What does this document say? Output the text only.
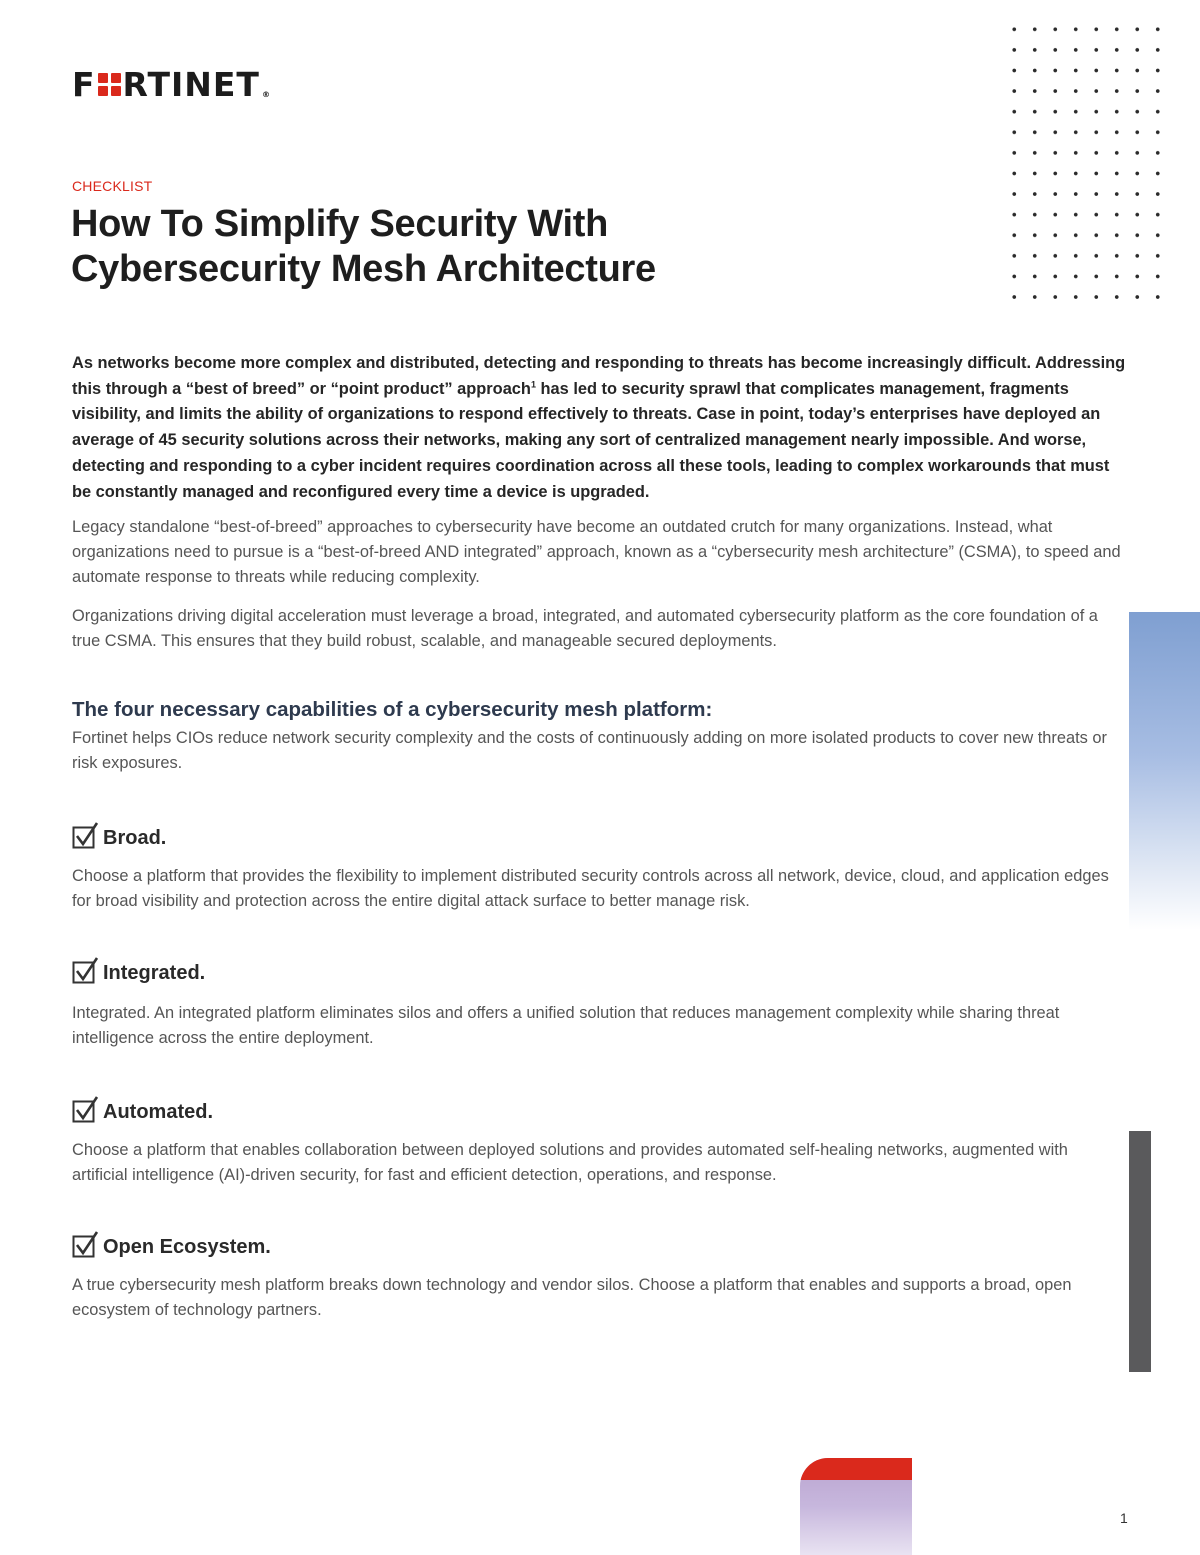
F RTINET ®
CHECKLIST
How To Simplify Security With Cybersecurity Mesh Architecture

As networks become more complex and distributed, detecting and responding to threats has become increasingly difficult. Addressing this through a “best of breed” or “point product” approach$^1$ has led to security sprawl that complicates management, fragments visibility, and limits the ability of organizations to respond effectively to threats. Case in point, today’s enterprises have deployed an average of 45 security solutions across their networks, making any sort of centralized management nearly impossible. And worse, detecting and responding to a cyber incident requires coordination across all these tools, leading to complex workarounds that must be constantly managed and reconfigured every time a device is upgraded.

Legacy standalone “best-of-breed” approaches to cybersecurity have become an outdated crutch for many organizations. Instead, what organizations need to pursue is a “best-of-breed AND integrated” approach, known as a “cybersecurity mesh architecture” (CSMA), to speed and automate response to threats while reducing complexity.

Organizations driving digital acceleration must leverage a broad, integrated, and automated cybersecurity platform as the core foundation of a true CSMA. This ensures that they build robust, scalable, and manageable secured deployments.

The four necessary capabilities of a cybersecurity mesh platform:

Fortinet helps CIOs reduce network security complexity and the costs of continuously adding on more isolated products to cover new threats or risk exposures.

Broad.

Choose a platform that provides the flexibility to implement distributed security controls across all network, device, cloud, and application edges for broad visibility and protection across the entire digital attack surface to better manage risk.

Integrated.

Integrated. An integrated platform eliminates silos and offers a unified solution that reduces management complexity while sharing threat intelligence across the entire deployment.

Automated.

Choose a platform that enables collaboration between deployed solutions and provides automated self-healing networks, augmented with artificial intelligence (AI)-driven security, for fast and efficient detection, operations, and response.

Open Ecosystem.

A true cybersecurity mesh platform breaks down technology and vendor silos. Choose a platform that enables and supports a broad, open ecosystem of technology partners.

1
